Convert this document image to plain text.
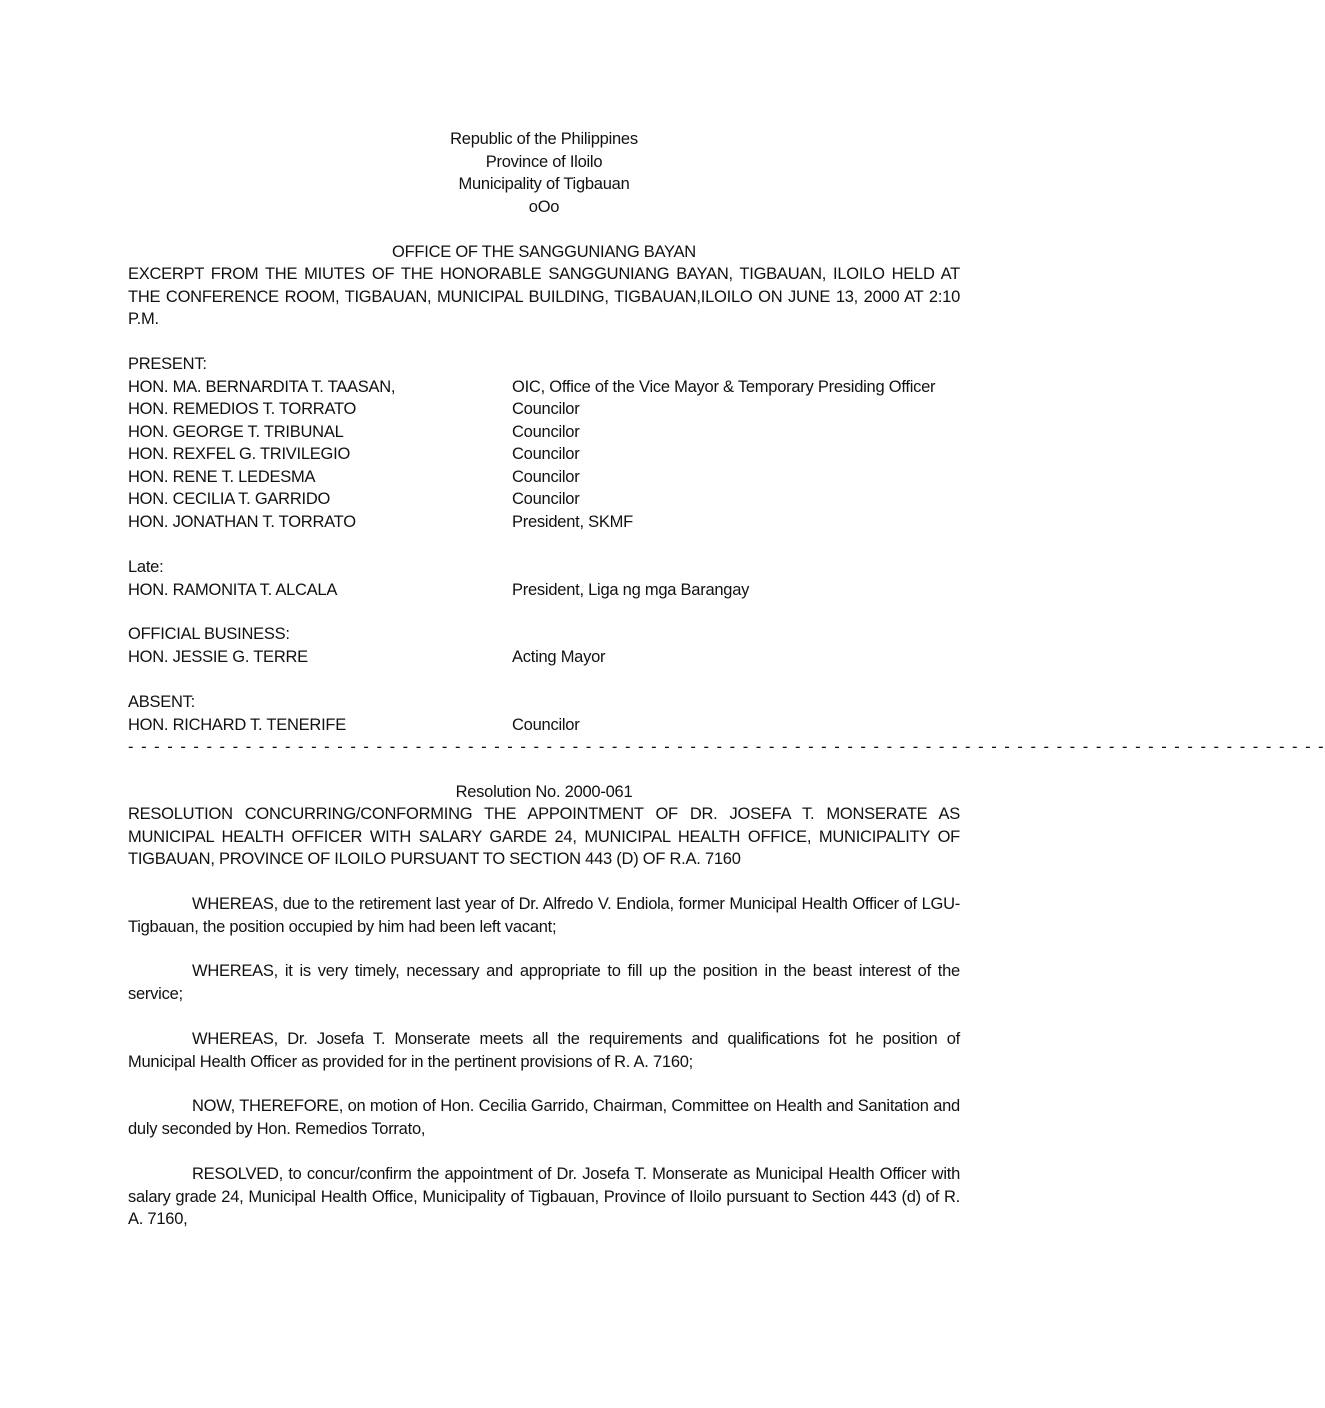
Republic of the Philippines
Province of Iloilo
Municipality of Tigbauan
oOo
OFFICE OF THE SANGGUNIANG BAYAN

EXCERPT FROM THE MIUTES OF THE HONORABLE SANGGUNIANG BAYAN, TIGBAUAN, ILOILO HELD AT THE CONFERENCE ROOM, TIGBAUAN, MUNICIPAL BUILDING, TIGBAUAN,ILOILO ON JUNE 13, 2000 AT 2:10 P.M.

PRESENT:
HON. MA. BERNARDITA T. TAASAN,	OIC, Office of the Vice Mayor & Temporary Presiding Officer
HON. REMEDIOS T. TORRATO	Councilor
HON. GEORGE T. TRIBUNAL	Councilor
HON. REXFEL G. TRIVILEGIO	Councilor
HON. RENE T. LEDESMA	Councilor
HON. CECILIA T. GARRIDO	Councilor
HON. JONATHAN T. TORRATO	President, SKMF
Late:
HON. RAMONITA T. ALCALA	President, Liga ng mga Barangay
OFFICIAL BUSINESS:
HON. JESSIE G. TERRE	Acting Mayor
ABSENT:
HON. RICHARD T. TENERIFE	Councilor
- - - - - - - - - - - - - - - - - - - - - - - - - - - - - - - - - - - - - - - - - - - - - - - - - - - - - - - - - - - - - - - - - - - - - - - - - - - - - - - - - - - - - - - - - - - -
Resolution No. 2000-061

RESOLUTION CONCURRING/CONFORMING THE APPOINTMENT OF DR. JOSEFA T. MONSERATE AS MUNICIPAL HEALTH OFFICER WITH SALARY GARDE 24, MUNICIPAL HEALTH OFFICE, MUNICIPALITY OF TIGBAUAN, PROVINCE OF ILOILO PURSUANT TO SECTION 443 (D) OF R.A. 7160

WHEREAS, due to the retirement last year of Dr. Alfredo V. Endiola, former Municipal Health Officer of LGU-Tigbauan, the position occupied by him had been left vacant;

WHEREAS, it is very timely, necessary and appropriate to fill up the position in the beast interest of the service;

WHEREAS, Dr. Josefa T. Monserate meets all the requirements and qualifications fot he position of Municipal Health Officer as provided for in the pertinent provisions of R. A. 7160;

NOW, THEREFORE, on motion of Hon. Cecilia Garrido, Chairman, Committee on Health and Sanitation and duly seconded by Hon. Remedios Torrato,

RESOLVED, to concur/confirm the appointment of Dr. Josefa T. Monserate as Municipal Health Officer with salary grade 24, Municipal Health Office, Municipality of Tigbauan, Province of Iloilo pursuant to Section 443 (d) of R. A. 7160,
